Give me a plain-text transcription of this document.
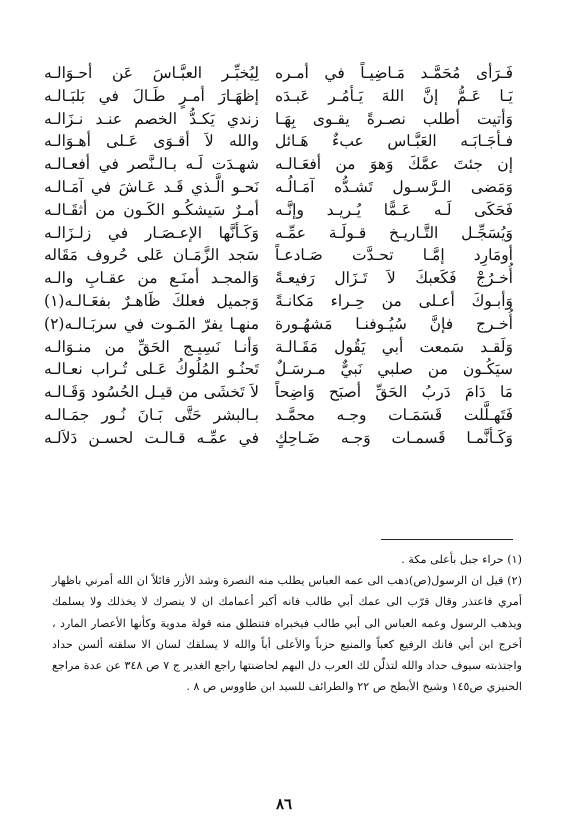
فَـرَأَى مُحَمَّـد مَـاضِيـاً في أمـره
يَـا عَـمُّ إنَّ اللهَ يَـأمُـر عَبـدَه
وَأتيت أطلب نصـرةً يقـوى بِهَـا
فـأجَـابَـه العَبَّـاس عبءٌ هَـائل
إن جئتَ عمَّكَ وَهوَ من أفعَـالـه
وَمَضى الـرَّسـول تَشـدُّه آمَـالُـه
فَحَكَى لَـه عَـمًّا يُـريـد وإنَّـه
وَيُسَجِّـل التَّـاريـخ قـولَـة عمِّـه
أومَارِد إمَّـا تحـدَّت صَـادعـاً
أُخـرُجْ فَكَعبكَ لاَ تَـزَال رَفيعـةً
وَأبـوكَ أعـلى من حِـراء مَكانـةً
أُخـرج فإنَّ سُيُـوفنـا مَشهُـورة
وَلَقـد سَمعت أبي يَقُول مَقَـالـة
سيَكُـون من صلبي نَبيٌّ مـرسَـلٌ
مَا دَامَ دَربُ الحَقِّ أصبَح وَاضِحاً
فَتَهـلَّلت قَسَمَـات وجـه محمَّـد
وَكَـأنَّمـا قَسمـات وَجـه ضَـاحِكٍ
لِيُخبِّـر العبَّـاسَ عَن أحـوَالـه
إظهَـارَ أمـرٍ طَـالَ في بَلبَـالـه
زندي يَكـدُّ الخصم عنـد نـزَالـه
والله لاَ أقـوَى عَـلى أهـوَالـه
شهـدَت لَـه بـالـنَّصر في أفعـالـه
نَحـو الَّـذي قَـد عَـاشَ في آمَـالـه
أمـرٌ سَيشكُـو الكَـون من أثقَـالـه
وَكَـأنَّها الإعـصَـار في زلـزَالـه
سَجد الزَّمَـان عَلى حُروف مَقَاله
وَالمجـد أمنَـع من عقـابِ والـه
وَجميل فعلكَ ظَاهـرٌ بفعَـالـه(١)
منهـا يفرّ المَـوت في سربَـالـه(٢)
وَأنـا نَسِيـج الحَقِّ من منـوَالـه
تَحنُـو المُلُوكُ عَـلى تُـراب نعـالـه
لاَ تَخشَى من قيـل الحُسُود وَقَـالـه
بـالبشر حَتَّى بَـانَ نُـور جمَـالـه
في عمِّـه قـالـت لحسـن دَلاَلـه

(١) حراء جبل بأعلى مكة .

(٢) قيل ان الرسول(ص)ذهب الى عمه العباس يطلب منه النصرة وشد الأزر قائلاً ان الله أمرني باظهار أمري فاعتذر وقال قرّب الى عمك أبي طالب فانه أكبر أعمامك ان لا ينصرك لا يخذلك ولا يسلمك ويذهب الرسول وعمه العباس الى أبي طالب فيخبراه فتنطلق منه قولة مدوية وكأنها الأعصار المارد ، أخرج ابن أبي فانك الرفيع كعباً والمنيع حزباً والأعلى أباً والله لا يسلقك لسان الا سلقته ألسن حداد واجتذبته سيوف حداد والله لتذلّن لك العرب ذل البهم لحاضنتها راجع الغدير ج ٧ ص ٣٤٨ عن عدة مراجع الحنيزي ص١٤٥ وشيخ الأبطح ص ٢٢ والطرائف للسيد ابن طاووس ص ٨ .

٨٦
